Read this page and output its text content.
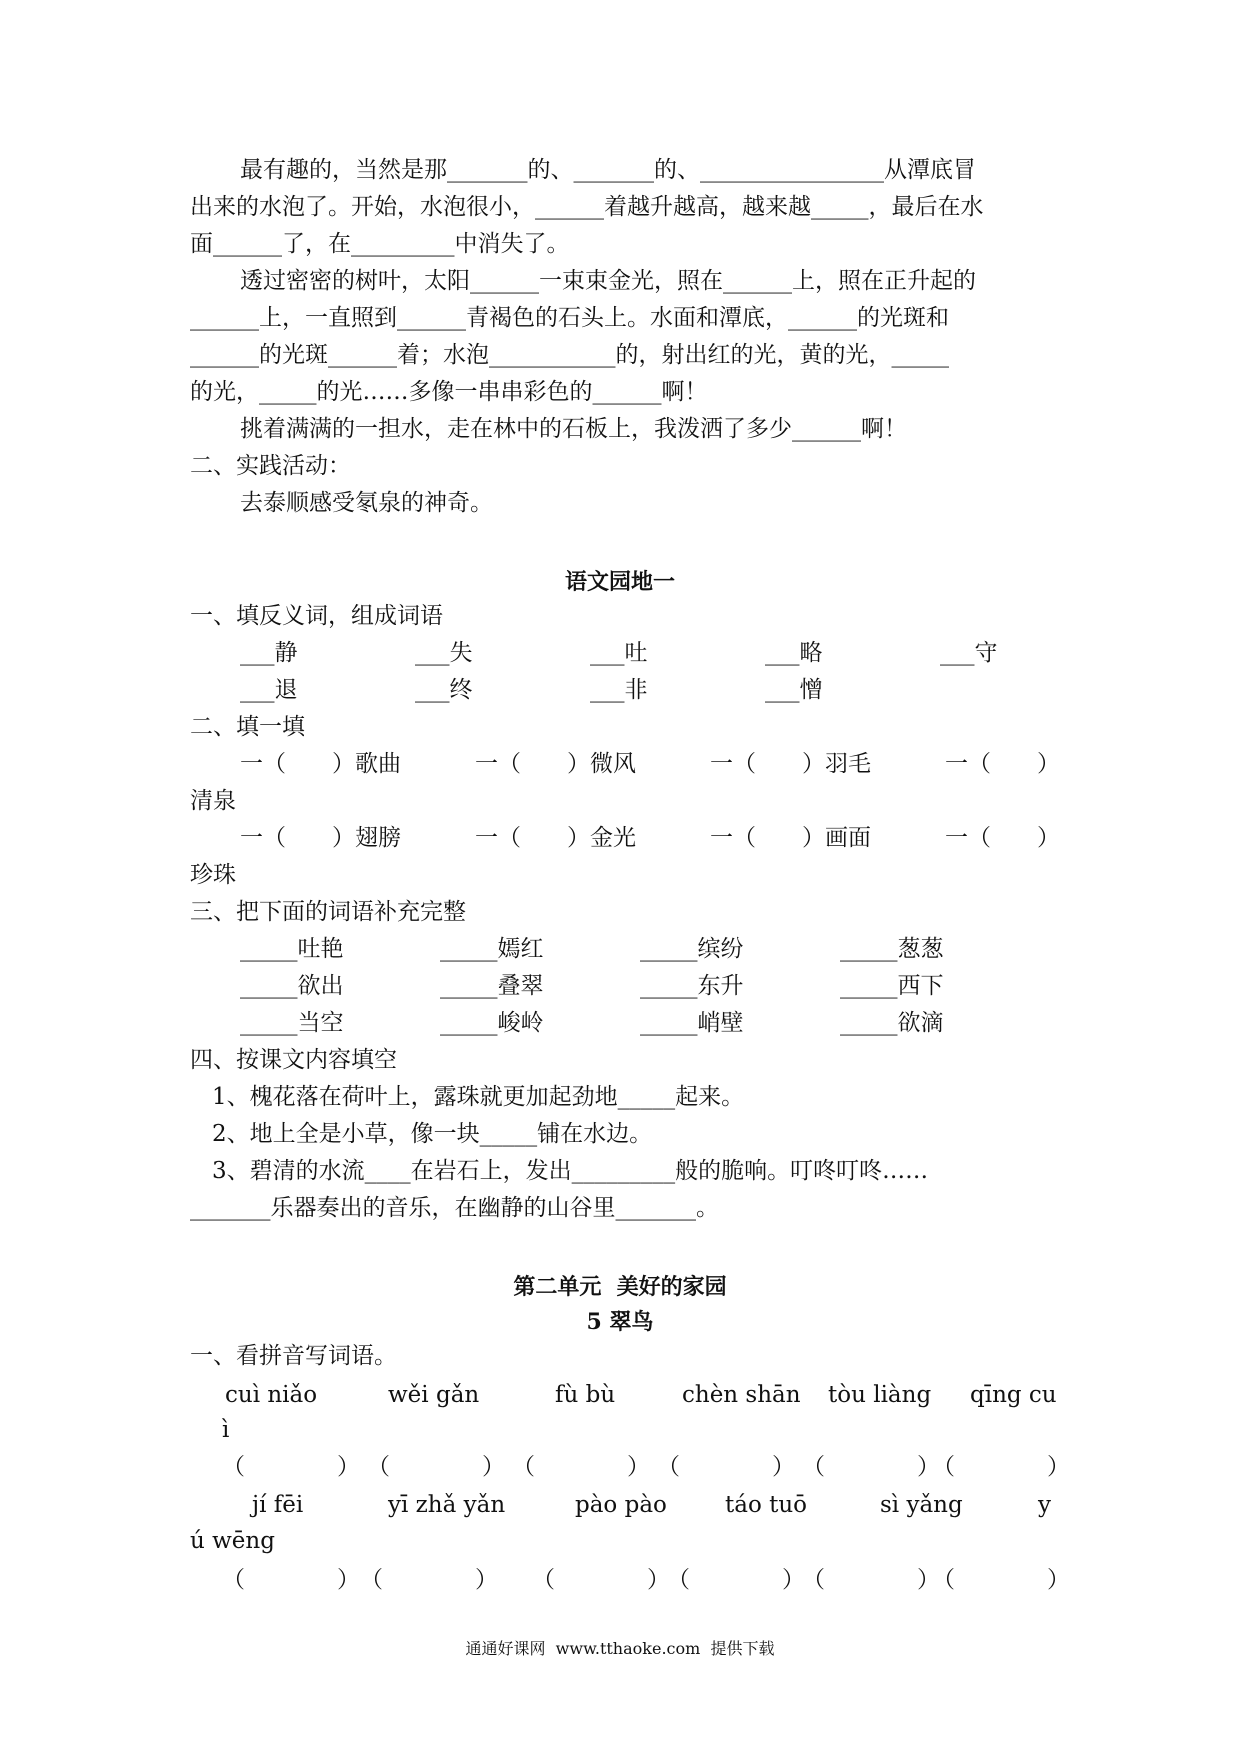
最有趣的，当然是那_______的、_______的、________________从潭底冒
出来的水泡了。开始，水泡很小，______着越升越高，越来越_____，最后在水
面______了，在_________中消失了。
透过密密的树叶，太阳______一束束金光，照在______上，照在正升起的
______上，一直照到______青褐色的石头上。水面和潭底，______的光斑和
______的光斑______着；水泡___________的，射出红的光，黄的光，_____
的光，_____的光……多像一串串彩色的______啊！
挑着满满的一担水，走在林中的石板上，我泼洒了多少______啊！
二、实践活动：
去泰顺感受氡泉的神奇。
语文园地一
一、填反义词，组成词语
___静	___失	___吐	___略	___守
___退	___终	___非	___憎
二、填一填
一（　　）歌曲	一（　　）微风	一（　　）羽毛	一（　　）
清泉
一（　　）翅膀	一（　　）金光	一（　　）画面	一（　　）
珍珠
三、把下面的词语补充完整
_____吐艳	_____嫣红	_____缤纷	_____葱葱
_____欲出	_____叠翠	_____东升	_____西下
_____当空	_____峻岭	_____峭壁	_____欲滴
四、按课文内容填空
1、槐花落在荷叶上，露珠就更加起劲地_____起来。
2、地上全是小草，像一块_____铺在水边。
3、碧清的水流____在岩石上，发出_________般的脆响。叮咚叮咚……
_______乐器奏出的音乐，在幽静的山谷里_______。
第二单元  美好的家园
5 翠鸟
一、看拼音写词语。
cuì niǎo	wěi gǎn	fù bù	chèn shān tòu liàng qīng cu
ì
（　　　　） （　　　　） （　　　　） （　　　　） （　　　　）
（　　　　）
jí fēi	yī zhǎ yǎn	pào pào	táo tuō	sì yǎng	y
ú wēng
（　　　　） （　　　　） （　　　　）
（　　　　）
（　　　　）
（　　　　）
通通好课网  www.tthaoke.com  提供下载
